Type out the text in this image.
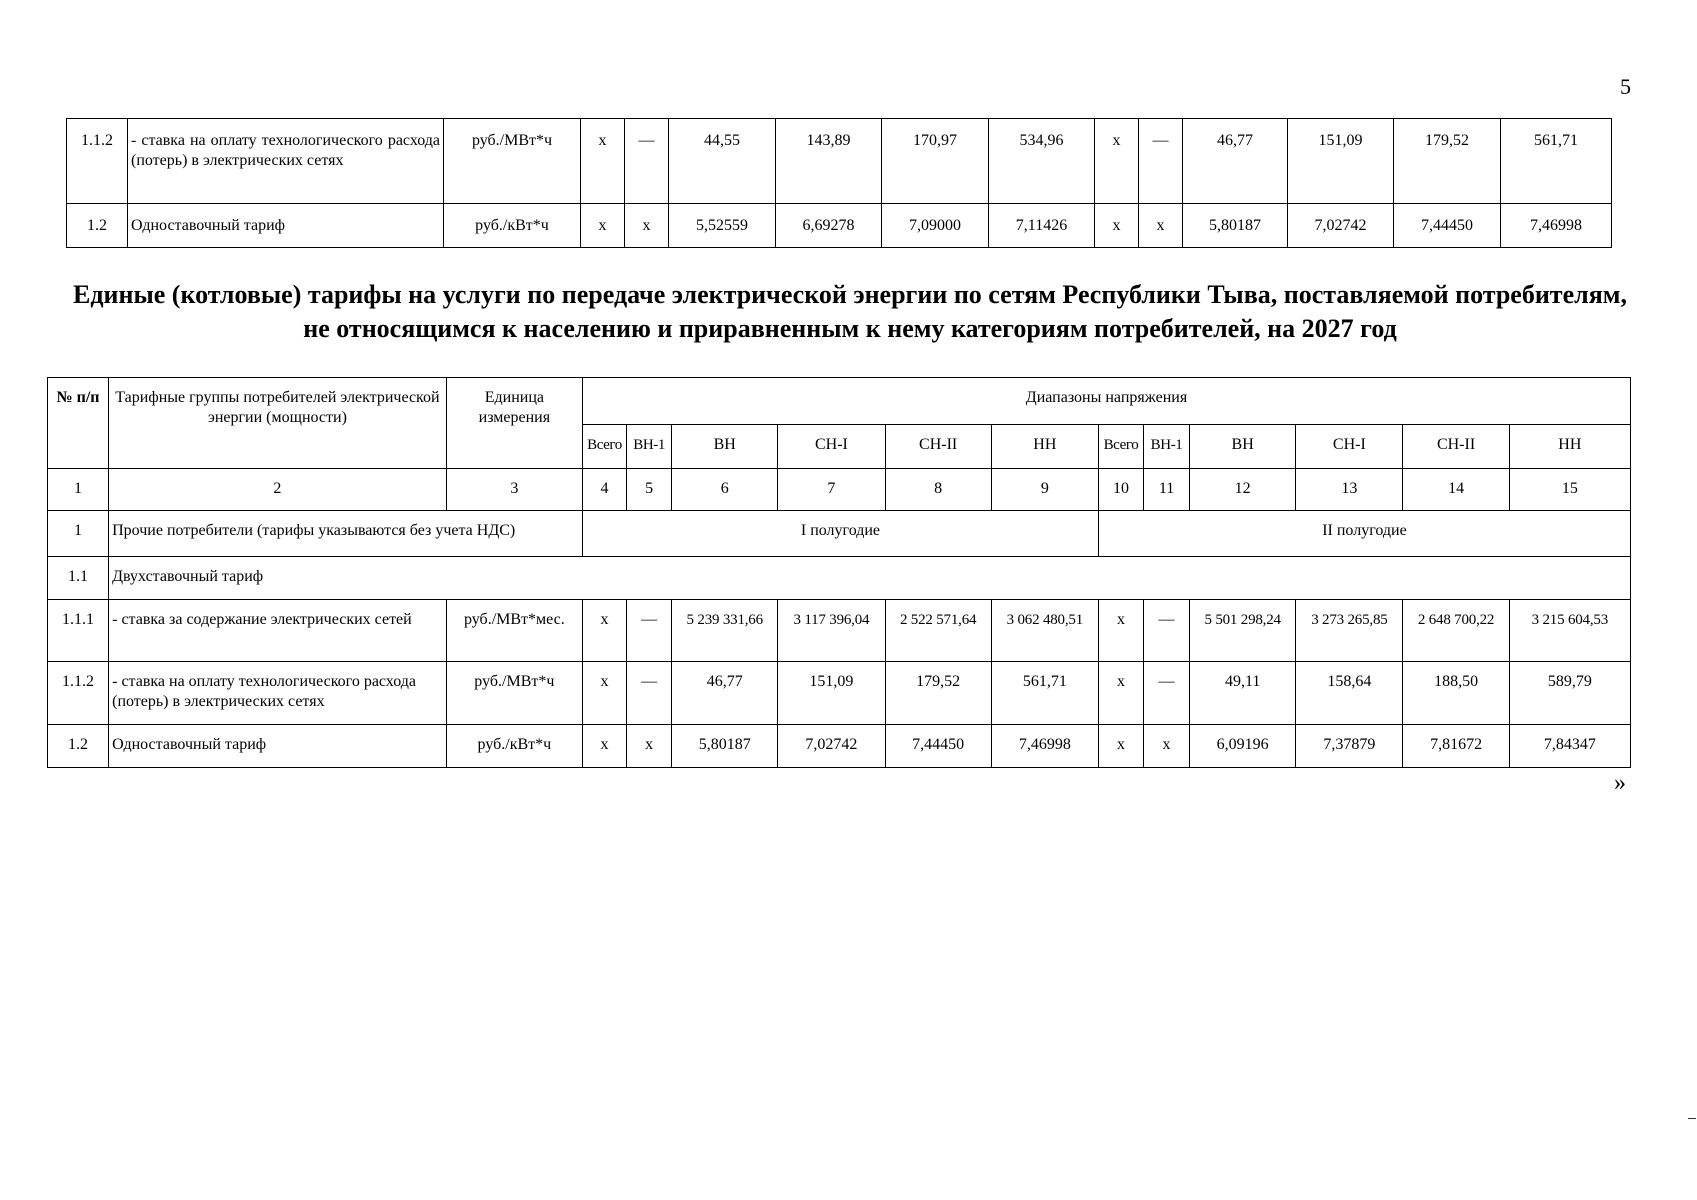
5
1.1.2	- ставка на оплату технологического расхода (потерь) в электрических сетях	руб./МВт*ч	x	—	44,55	143,89	170,97	534,96	x	—	46,77	151,09	179,52	561,71
1.2	Одноставочный тариф	руб./кВт*ч	x	x	5,52559	6,69278	7,09000	7,11426	x	x	5,80187	7,02742	7,44450	7,46998
Единые (котловые) тарифы на услуги по передаче электрической энергии по сетям Республики Тыва, поставляемой потребителям, не относящимся к населению и приравненным к нему категориям потребителей, на 2027 год
№ п/п	Тарифные группы потребителей электрической энергии (мощности)	Единица измерения	Диапазоны напряжения											
			Всего	ВН-1	ВН	СН-I	СН-II	НН	Всего	ВН-1	ВН	СН-I	СН-II	НН
1	2	3	4	5	6	7	8	9	10	11	12	13	14	15
1	Прочие потребители (тарифы указываются без учета НДС)		I полугодие						II полугодие					
1.1	Двухставочный тариф													
1.1.1	- ставка за содержание электрических сетей	руб./МВт*мес.	x	—	5 239 331,66	3 117 396,04	2 522 571,64	3 062 480,51	x	—	5 501 298,24	3 273 265,85	2 648 700,22	3 215 604,53
1.1.2	- ставка на оплату технологического расхода (потерь) в электрических сетях	руб./МВт*ч	x	—	46,77	151,09	179,52	561,71	x	—	49,11	158,64	188,50	589,79
1.2	Одноставочный тариф	руб./кВт*ч	x	x	5,80187	7,02742	7,44450	7,46998	x	x	6,09196	7,37879	7,81672	7,84347
»
